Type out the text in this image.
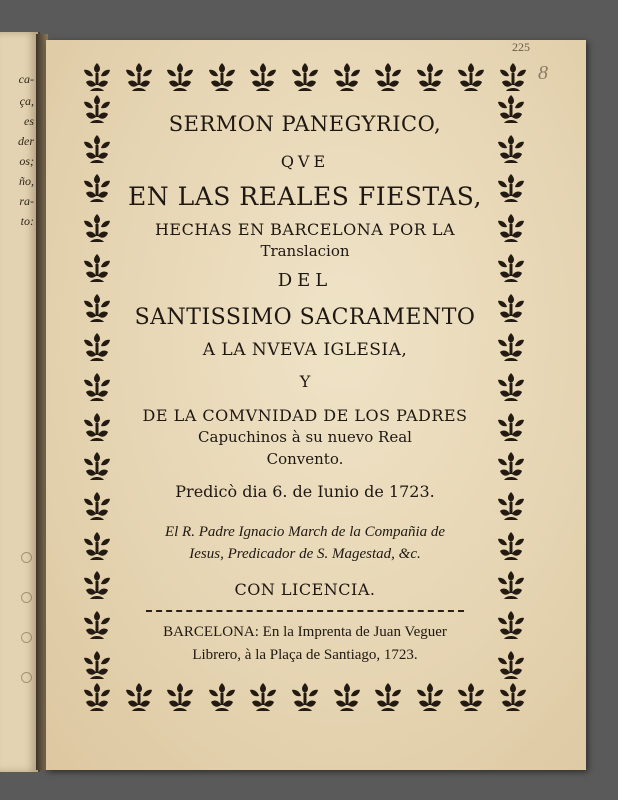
ca-
ça,
es
der
os;
ño,
ra-
to:
225
8
SERMON PANEGYRICO,
QVE
EN LAS REALES FIESTAS,
HECHAS EN BARCELONA POR LA
Translacion
DEL
SANTISSIMO SACRAMENTO
A LA NVEVA IGLESIA,
Y
DE LA COMVNIDAD DE LOS PADRES
Capuchinos à su nuevo Real
Convento.
Predicò dia 6. de Iunio de 1723.
El R. Padre Ignacio March de la Compañia de
Iesus, Predicador de S. Magestad, &c.
CON LICENCIA.
BARCELONA: En la Imprenta de Juan Veguer
Librero, à la Plaça de Santiago, 1723.
